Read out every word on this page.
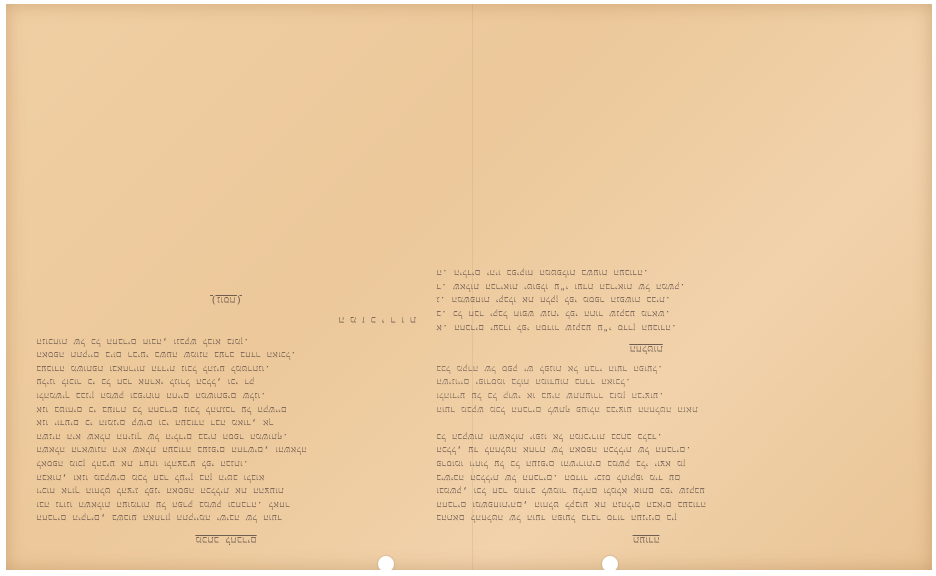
תעודה
בהתאם להחלטה של הועד הפועל בדבר סדור הענינים בין
החברים ומשפחותיהם, הוחלט לקבוע את הנהלים הבאים בעבודה
ובמשק, וכל חבר מחויב לשמור עליהם ולמלא אותם כפי שנקבע
בישיבה הכללית של החברים. הסדור יכנס לתוקפו מיד עם
פרסומו ויחול על כל הענפים והשירותים במשק בלי יוצא מן
הכלל, עד להחלטה אחרת של האספה הכללית של החברים.
כל הבקשות והשאלות יופנו אל המזכירות בכתב בלבד.

הועד מבקש מכל החברים לשתף פעולה בביצוע ההחלטה הזאת
ולהודיע על כל קושי או בעיה שתתעורר בזמן הביצוע.
השינויים יפורסמו בלוח המודעות בחדר האוכל.
בכל מקרה של ספק יש לפנות אל חברי הועד הפועל.
החלטות
א. החברים יעבדו לפי הסדור שנקבע ע"י סדרן העבודה.
ב. כל חבר יקבל חופש שנתי לפי התור שנקבע מראש.
ג. המשפחות יקבלו את חלקן לפי מספר הנפשות בבית.
ד. שאלות הבריאות יטופלו ע"י ועדת הבריאות של המשק.
ה. הילדים יהיו בפיקוח המטפלות בשעות העבודה.
מכתב לחברים
החברים היקרים, בשבוע האחרון התקיימה ישיבה של הועד
ובה נדונו השאלות העומדות על הפרק במשק ובחברה. לאחר
ויכוח ארוך הוחלט להציג לפני האספה הכללית את ההצעות
הבאות, ואנו מבקשים מכל חבר לעיין בהן היטב ולבוא
לאספה מוכן להביע את דעתו ולהצביע לפי הבנתו.
השאלה הראשונה היא שאלת העבודה בענפים החדשים, והשאלה
השניה היא שאלת החינוך של הילדים בבית הספר המשותף.
אנו יודעים כי הזמנים קשים וכי העבודה רבה מאוד, אך
אנו בטוחים כי בעזרת כל החברים נוכל להתגבר על הקשיים
ולהמשיך בבנין המשק ובפיתוח החיים המשותפים שלנו.
עלינו לזכור כי כל חבר אחראי לגורל הכלל, וכי רק
בעבודה משותפת ובאחריות הדדית נוכל להגיע למטרתנו.
האספה תתקיים ביום רביעי בשעה שמונה בערב בחדר האוכל.
הנוכחות של כל החברים חובה, ונבקש לבוא בזמן.
המזכירות
(נוסח)
